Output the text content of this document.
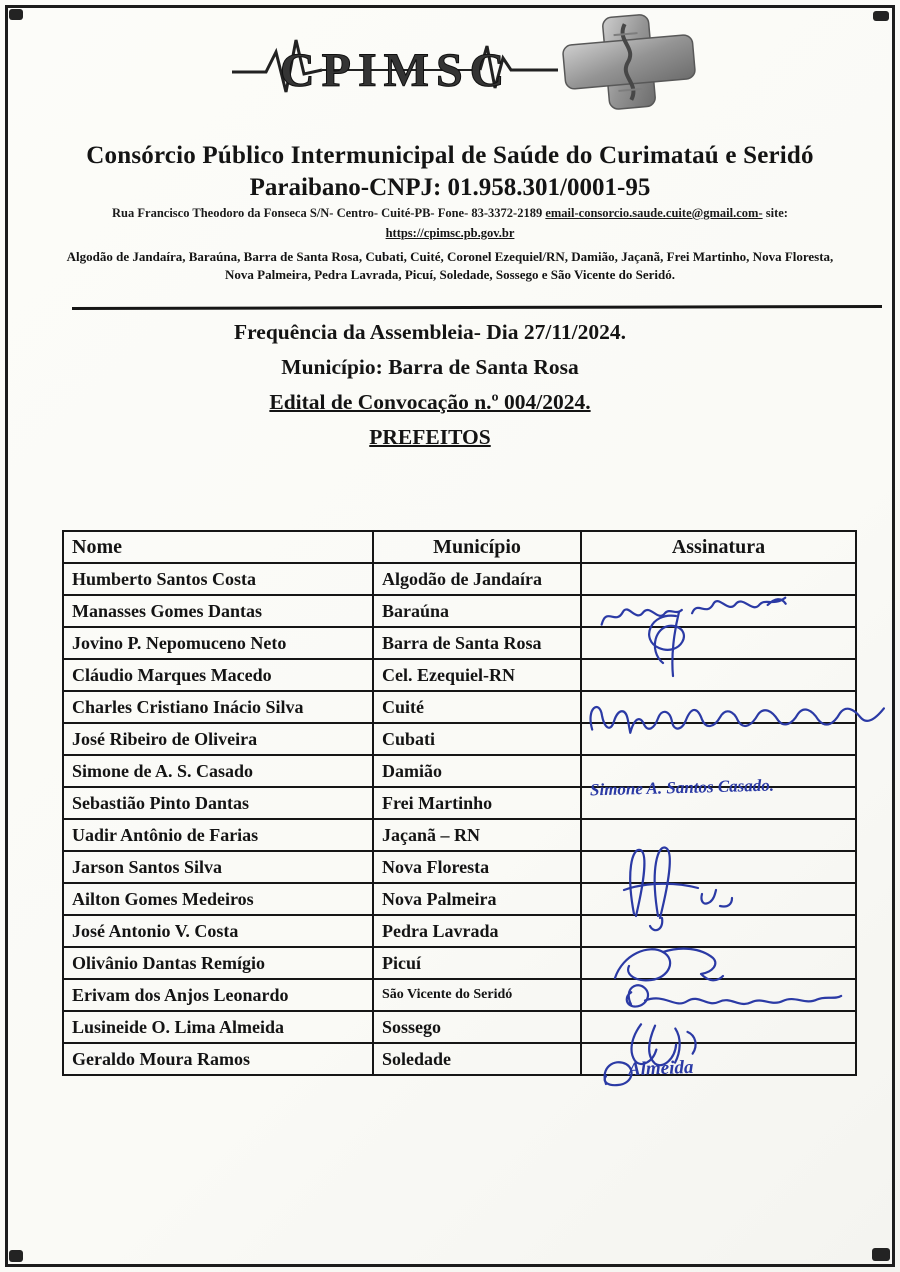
CPIMSC
Consórcio Público Intermunicipal de Saúde do Curimataú e Seridó
Paraibano-CNPJ: 01.958.301/0001-95
Rua Francisco Theodoro da Fonseca S/N- Centro- Cuité-PB- Fone- 83-3372-2189 email-consorcio.saude.cuite@gmail.com- site:
https://cpimsc.pb.gov.br
Algodão de Jandaíra, Baraúna, Barra de Santa Rosa, Cubati, Cuité, Coronel Ezequiel/RN, Damião, Jaçanã, Frei Martinho, Nova Floresta, Nova Palmeira, Pedra Lavrada, Picuí, Soledade, Sossego e São Vicente do Seridó.
Frequência da Assembleia- Dia 27/11/2024.
Município: Barra de Santa Rosa
Edital de Convocação n.º 004/2024.
PREFEITOS
Nome	Município	Assinatura
Humberto Santos Costa	Algodão de Jandaíra	
Manasses Gomes Dantas	Baraúna	
Jovino P. Nepomuceno Neto	Barra de Santa Rosa	
Cláudio Marques Macedo	Cel. Ezequiel-RN	
Charles Cristiano Inácio Silva	Cuité	
José Ribeiro de Oliveira	Cubati	
Simone de A. S. Casado	Damião	
Sebastião Pinto Dantas	Frei Martinho	
Uadir Antônio de Farias	Jaçanã – RN	
Jarson Santos Silva	Nova Floresta	
Ailton Gomes Medeiros	Nova Palmeira	
José Antonio V. Costa	Pedra Lavrada	
Olivânio Dantas Remígio	Picuí	
Erivam dos Anjos Leonardo	São Vicente do Seridó	
Lusineide O. Lima Almeida	Sossego	
Geraldo Moura Ramos	Soledade	
Simone A. Santos Casado.
Almeida
